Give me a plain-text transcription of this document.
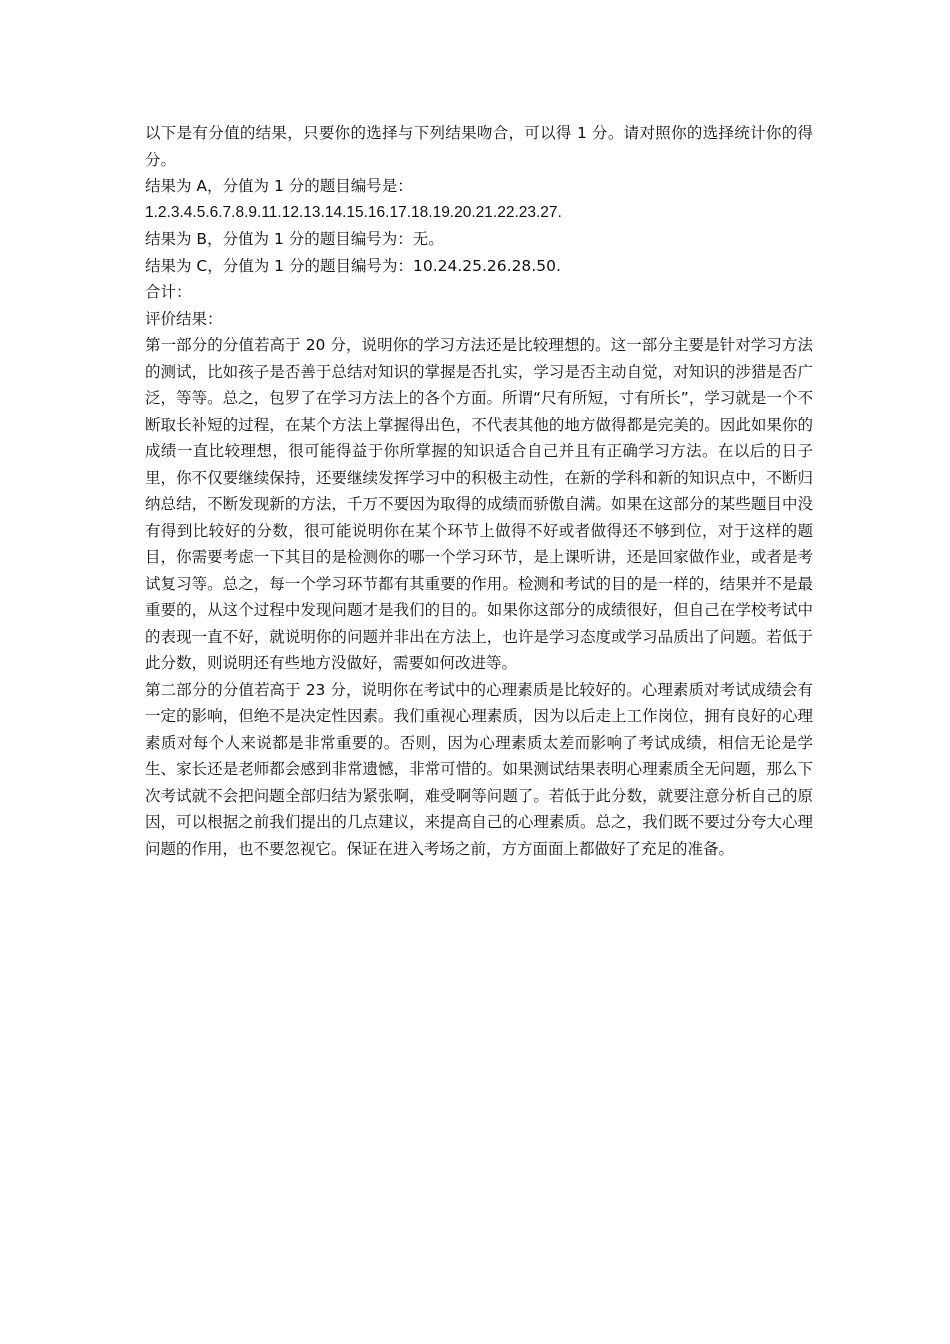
以下是有分值的结果，只要你的选择与下列结果吻合，可以得 1 分。请对照你的选择统计你的得分。

结果为 A，分值为 1 分的题目编号是：
1.2.3.4.5.6.7.8.9.11.12.13.14.15.16.17.18.19.20.21.22.23.27.
结果为 B，分值为 1 分的题目编号为：无。
结果为 C，分值为 1 分的题目编号为：10.24.25.26.28.50.
合计：
评价结果：

第一部分的分值若高于 20 分，说明你的学习方法还是比较理想的。这一部分主要是针对学习方法的测试，比如孩子是否善于总结对知识的掌握是否扎实，学习是否主动自觉，对知识的涉猎是否广泛，等等。总之，包罗了在学习方法上的各个方面。所谓“尺有所短，寸有所长”，学习就是一个不断取长补短的过程，在某个方法上掌握得出色，不代表其他的地方做得都是完美的。因此如果你的成绩一直比较理想，很可能得益于你所掌握的知识适合自己并且有正确学习方法。在以后的日子里，你不仅要继续保持，还要继续发挥学习中的积极主动性，在新的学科和新的知识点中，不断归纳总结，不断发现新的方法，千万不要因为取得的成绩而骄傲自满。如果在这部分的某些题目中没有得到比较好的分数，很可能说明你在某个环节上做得不好或者做得还不够到位，对于这样的题目，你需要考虑一下其目的是检测你的哪一个学习环节，是上课听讲，还是回家做作业，或者是考试复习等。总之，每一个学习环节都有其重要的作用。检测和考试的目的是一样的，结果并不是最重要的，从这个过程中发现问题才是我们的目的。如果你这部分的成绩很好，但自己在学校考试中的表现一直不好，就说明你的问题并非出在方法上，也许是学习态度或学习品质出了问题。若低于此分数，则说明还有些地方没做好，需要如何改进等。

第二部分的分值若高于 23 分，说明你在考试中的心理素质是比较好的。心理素质对考试成绩会有一定的影响，但绝不是决定性因素。我们重视心理素质，因为以后走上工作岗位，拥有良好的心理素质对每个人来说都是非常重要的。否则，因为心理素质太差而影响了考试成绩，相信无论是学生、家长还是老师都会感到非常遗憾，非常可惜的。如果测试结果表明心理素质全无问题，那么下次考试就不会把问题全部归结为紧张啊，难受啊等问题了。若低于此分数，就要注意分析自己的原因，可以根据之前我们提出的几点建议，来提高自己的心理素质。总之，我们既不要过分夸大心理问题的作用，也不要忽视它。保证在进入考场之前，方方面面上都做好了充足的准备。
